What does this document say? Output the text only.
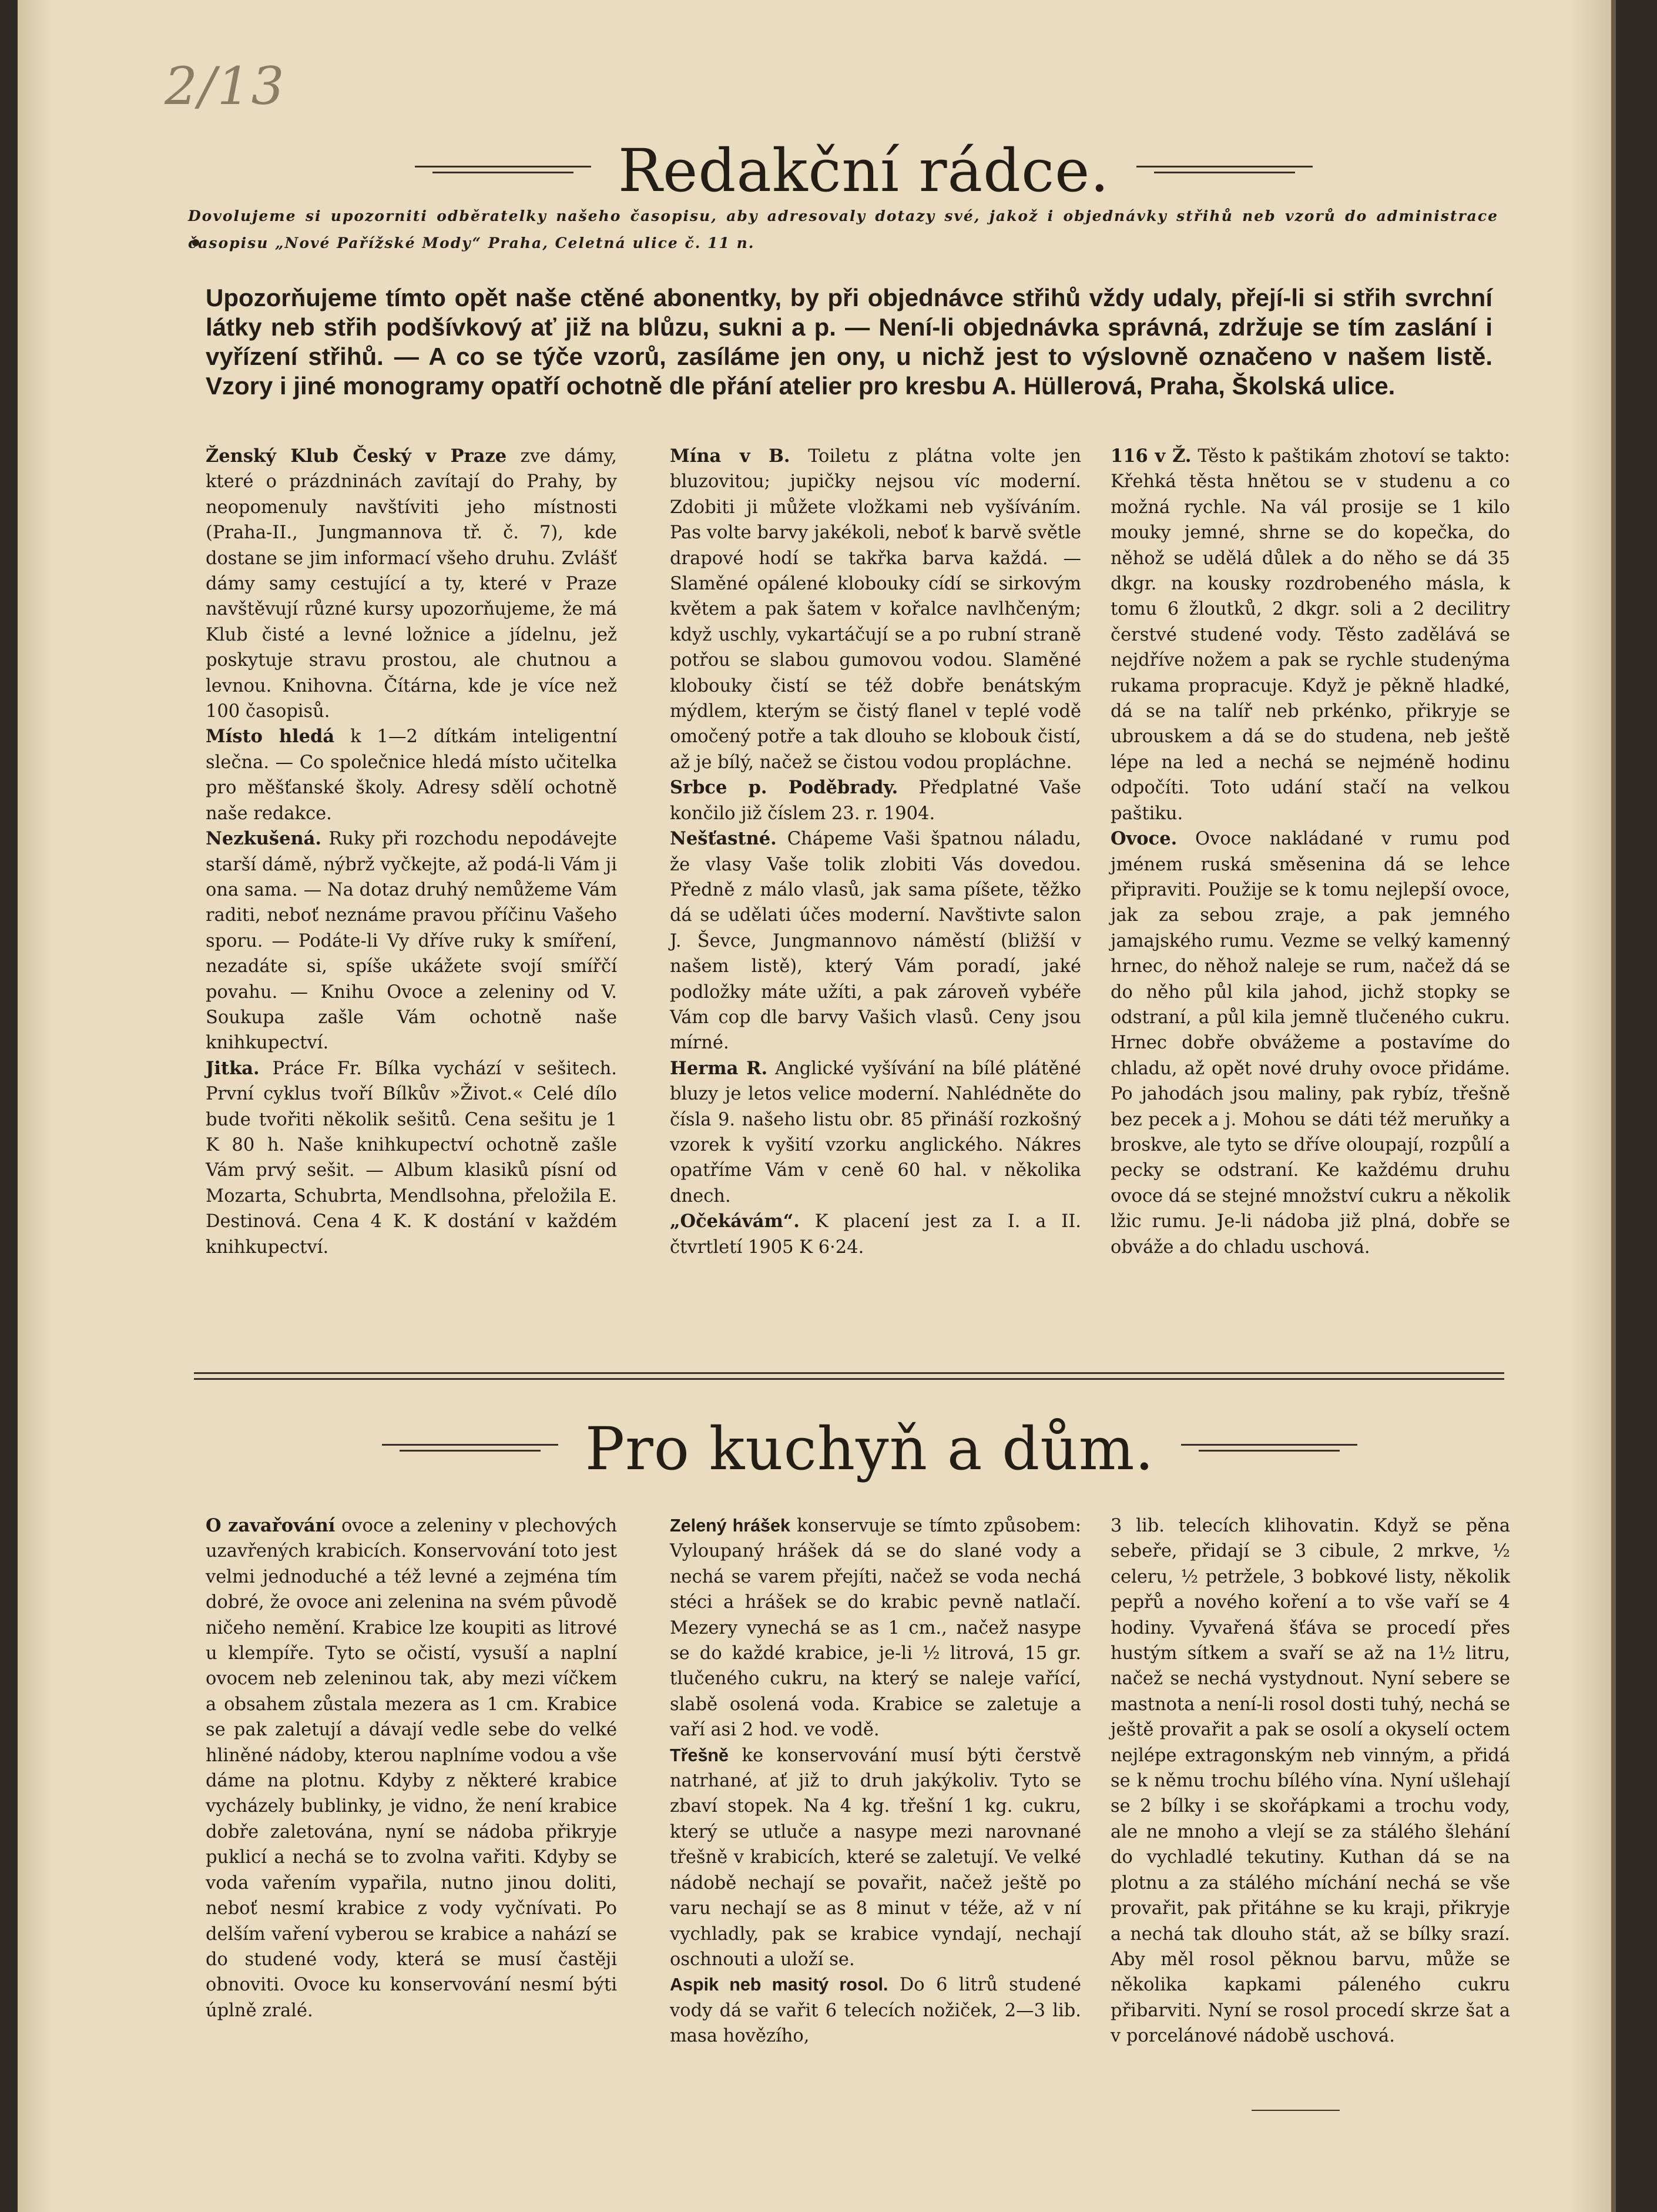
2/13
Redakční rádce.
Dovolujeme si upozorniti odběratelky našeho časopisu, aby adresovaly dotazy své, jakož i objednávky střihů neb vzorů do administrace časopisu „Nové Pařížské Mody“ Praha, Celetná ulice č. 11 n.
Upozorňujeme tímto opět naše ctěné abonentky, by při objednávce střihů vždy udaly, přejí-li si střih svrchní látky neb střih podšívkový ať již na blůzu, sukni a p. — Není-li objednávka správná, zdržuje se tím zaslání i vyřízení střihů. — A co se týče vzorů, zasíláme jen ony, u nichž jest to výslovně označeno v našem listě. Vzory i jiné monogramy opatří ochotně dle přání atelier pro kresbu A. Hüllerová, Praha, Školská ulice.

Ženský Klub Český v Praze zve dámy, které o prázdninách zavítají do Prahy, by neopomenuly navštíviti jeho místnosti (Praha-II., Jungmannova tř. č. 7), kde dostane se jim informací všeho druhu. Zvlášť dámy samy cestující a ty, které v Praze navštěvují různé kursy upozorňujeme, že má Klub čisté a levné ložnice a jídelnu, jež poskytuje stravu prostou, ale chutnou a levnou. Knihovna. Čítárna, kde je více než 100 časopisů.

Místo hledá k 1—2 dítkám inteligentní slečna. — Co společnice hledá místo učitelka pro měšťanské školy. Adresy sdělí ochotně naše redakce.

Nezkušená. Ruky při rozchodu nepodávejte starší dámě, nýbrž vyčkejte, až podá-li Vám ji ona sama. — Na dotaz druhý nemůžeme Vám raditi, neboť neznáme pravou příčinu Vašeho sporu. — Podáte-li Vy dříve ruky k smíření, nezadáte si, spíše ukážete svojí smířčí povahu. — Knihu Ovoce a zeleniny od V. Soukupa zašle Vám ochotně naše knihkupectví.

Jitka. Práce Fr. Bílka vychází v sešitech. První cyklus tvoří Bílkův »Život.« Celé dílo bude tvořiti několik sešitů. Cena sešitu je 1 K 80 h. Naše knihkupectví ochotně zašle Vám prvý sešit. — Album klasiků písní od Mozarta, Schubrta, Mendlsohna, přeložila E. Destinová. Cena 4 K. K dostání v každém knihkupectví.

Mína v B. Toiletu z plátna volte jen bluzovitou; jupičky nejsou víc moderní. Zdobiti ji můžete vložkami neb vyšíváním. Pas volte barvy jakékoli, neboť k barvě světle drapové hodí se takřka barva každá. — Slaměné opálené klobouky cídí se sirkovým květem a pak šatem v kořalce navlhčeným; když uschly, vykartáčují se a po rubní straně potřou se slabou gumovou vodou. Slaměné klobouky čistí se též dobře benátským mýdlem, kterým se čistý flanel v teplé vodě omočený potře a tak dlouho se klobouk čistí, až je bílý, načež se čistou vodou propláchne.

Srbce p. Poděbrady. Předplatné Vaše končilo již číslem 23. r. 1904.

Nešťastné. Chápeme Vaši špatnou náladu, že vlasy Vaše tolik zlobiti Vás dovedou. Předně z málo vlasů, jak sama píšete, těžko dá se udělati účes moderní. Navštivte salon J. Ševce, Jungmannovo náměstí (bližší v našem listě), který Vám poradí, jaké podložky máte užíti, a pak zároveň vybéře Vám cop dle barvy Vašich vlasů. Ceny jsou mírné.

Herma R. Anglické vyšívání na bílé plátěné bluzy je letos velice moderní. Nahlédněte do čísla 9. našeho listu obr. 85 přináší rozkošný vzorek k vyšití vzorku anglického. Nákres opatříme Vám v ceně 60 hal. v několika dnech.

„Očekávám“. K placení jest za I. a II. čtvrtletí 1905 K 6·24.

116 v Ž. Těsto k paštikám zhotoví se takto: Křehká těsta hnětou se v studenu a co možná rychle. Na vál prosije se 1 kilo mouky jemné, shrne se do kopečka, do něhož se udělá důlek a do něho se dá 35 dkgr. na kousky rozdrobeného másla, k tomu 6 žloutků, 2 dkgr. soli a 2 decilitry čerstvé studené vody. Těsto zadělává se nejdříve nožem a pak se rychle studenýma rukama propracuje. Když je pěkně hladké, dá se na talíř neb prkénko, přikryje se ubrouskem a dá se do studena, neb ještě lépe na led a nechá se nejméně hodinu odpočíti. Toto udání stačí na velkou paštiku.

Ovoce. Ovoce nakládané v rumu pod jménem ruská směsenina dá se lehce připraviti. Použije se k tomu nejlepší ovoce, jak za sebou zraje, a pak jemného jamajského rumu. Vezme se velký kamenný hrnec, do něhož naleje se rum, načež dá se do něho půl kila jahod, jichž stopky se odstraní, a půl kila jemně tlučeného cukru. Hrnec dobře obvážeme a postavíme do chladu, až opět nové druhy ovoce přidáme. Po jahodách jsou maliny, pak rybíz, třešně bez pecek a j. Mohou se dáti též meruňky a broskve, ale tyto se dříve oloupají, rozpůlí a pecky se odstraní. Ke každému druhu ovoce dá se stejné množství cukru a několik lžic rumu. Je-li nádoba již plná, dobře se obváže a do chladu uschová.

Pro kuchyň a dům.

O zavařování ovoce a zeleniny v plechových uzavřených krabicích. Konservování toto jest velmi jednoduché a též levné a zejména tím dobré, že ovoce ani zelenina na svém původě ničeho nemění. Krabice lze koupiti as litrové u klempíře. Tyto se očistí, vysuší a naplní ovocem neb zeleninou tak, aby mezi víčkem a obsahem zůstala mezera as 1 cm. Krabice se pak zaletují a dávají vedle sebe do velké hliněné nádoby, kterou naplníme vodou a vše dáme na plotnu. Kdyby z některé krabice vycházely bublinky, je vidno, že není krabice dobře zaletována, nyní se nádoba přikryje puklicí a nechá se to zvolna vařiti. Kdyby se voda vařením vypařila, nutno jinou doliti, neboť nesmí krabice z vody vyčnívati. Po delším vaření vyberou se krabice a nahází se do studené vody, která se musí častěji obnoviti. Ovoce ku konservování nesmí býti úplně zralé.

Zelený hrášek konservuje se tímto způsobem: Vyloupaný hrášek dá se do slané vody a nechá se varem přejíti, načež se voda nechá stéci a hrášek se do krabic pevně natlačí. Mezery vynechá se as 1 cm., načež nasype se do každé krabice, je-li ½ litrová, 15 gr. tlučeného cukru, na který se naleje vařící, slabě osolená voda. Krabice se zaletuje a vaří asi 2 hod. ve vodě.

Třešně ke konservování musí býti čerstvě natrhané, ať již to druh jakýkoliv. Tyto se zbaví stopek. Na 4 kg. třešní 1 kg. cukru, který se utluče a nasype mezi narovnané třešně v krabicích, které se zaletují. Ve velké nádobě nechají se povařit, načež ještě po varu nechají se as 8 minut v téže, až v ní vychladly, pak se krabice vyndají, nechají oschnouti a uloží se.

Aspik neb masitý rosol. Do 6 litrů studené vody dá se vařit 6 telecích nožiček, 2—3 lib. masa hovězího,

3 lib. telecích klihovatin. Když se pěna sebeře, přidají se 3 cibule, 2 mrkve, ½ celeru, ½ petržele, 3 bobkové listy, několik pepřů a nového koření a to vše vaří se 4 hodiny. Vyvařená šťáva se procedí přes hustým sítkem a svaří se až na 1½ litru, načež se nechá vystydnout. Nyní sebere se mastnota a není-li rosol dosti tuhý, nechá se ještě provařit a pak se osolí a okyselí octem nejlépe extragonským neb vinným, a přidá se k němu trochu bílého vína. Nyní ušlehají se 2 bílky i se skořápkami a trochu vody, ale ne mnoho a vlejí se za stálého šlehání do vychladlé tekutiny. Kuthan dá se na plotnu a za stálého míchání nechá se vše provařit, pak přitáhne se ku kraji, přikryje a nechá tak dlouho stát, až se bílky srazí. Aby měl rosol pěknou barvu, může se několika kapkami páleného cukru přibarviti. Nyní se rosol procedí skrze šat a v porcelánové nádobě uschová.
